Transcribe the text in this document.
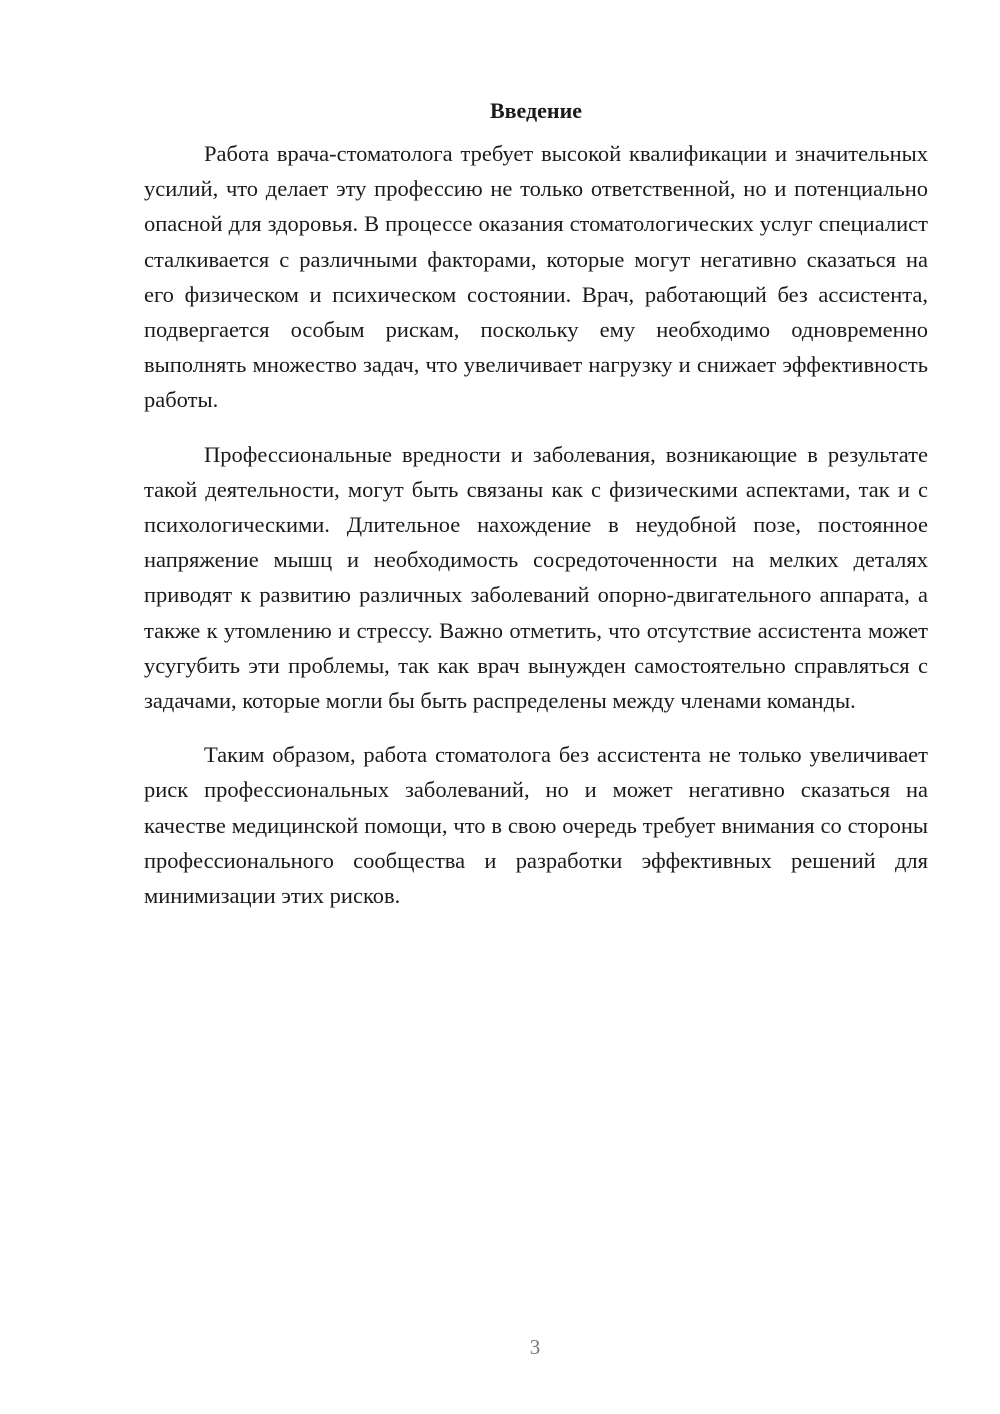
Введение

Работа врача-стоматолога требует высокой квалификации и значительных усилий, что делает эту профессию не только ответственной, но и потенциально опасной для здоровья. В процессе оказания стоматологических услуг специалист сталкивается с различными факторами, которые могут негативно сказаться на его физическом и психическом состоянии. Врач, работающий без ассистента, подвергается особым рискам, поскольку ему необходимо одновременно выполнять множество задач, что увеличивает нагрузку и снижает эффективность работы.

Профессиональные вредности и заболевания, возникающие в результате такой деятельности, могут быть связаны как с физическими аспектами, так и с психологическими. Длительное нахождение в неудобной позе, постоянное напряжение мышц и необходимость сосредоточенности на мелких деталях приводят к развитию различных заболеваний опорно-двигательного аппарата, а также к утомлению и стрессу. Важно отметить, что отсутствие ассистента может усугубить эти проблемы, так как врач вынужден самостоятельно справляться с задачами, которые могли бы быть распределены между членами команды.

Таким образом, работа стоматолога без ассистента не только увеличивает риск профессиональных заболеваний, но и может негативно сказаться на качестве медицинской помощи, что в свою очередь требует внимания со стороны профессионального сообщества и разработки эффективных решений для минимизации этих рисков.

3
